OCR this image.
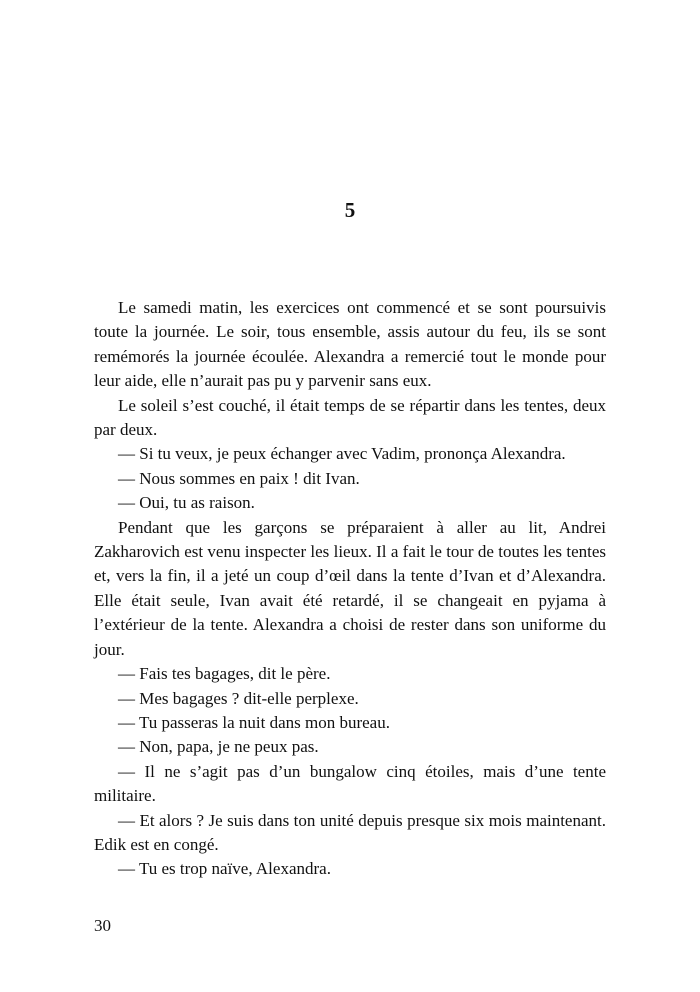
5

Le samedi matin, les exercices ont commencé et se sont poursuivis toute la journée. Le soir, tous ensemble, assis autour du feu, ils se sont remémorés la journée écoulée. Alexandra a remercié tout le monde pour leur aide, elle n’aurait pas pu y parvenir sans eux.

Le soleil s’est couché, il était temps de se répartir dans les tentes, deux par deux.

— Si tu veux, je peux échanger avec Vadim, prononça Alexandra.

— Nous sommes en paix ! dit Ivan.

— Oui, tu as raison.

Pendant que les garçons se préparaient à aller au lit, Andrei Zakharovich est venu inspecter les lieux. Il a fait le tour de toutes les tentes et, vers la fin, il a jeté un coup d’œil dans la tente d’Ivan et d’Alexandra. Elle était seule, Ivan avait été retardé, il se changeait en pyjama à l’extérieur de la tente. Alexandra a choisi de rester dans son uniforme du jour.

— Fais tes bagages, dit le père.

— Mes bagages ? dit-elle perplexe.

— Tu passeras la nuit dans mon bureau.

— Non, papa, je ne peux pas.

— Il ne s’agit pas d’un bungalow cinq étoiles, mais d’une tente militaire.

— Et alors ? Je suis dans ton unité depuis presque six mois maintenant. Edik est en congé.

— Tu es trop naïve, Alexandra.

30
